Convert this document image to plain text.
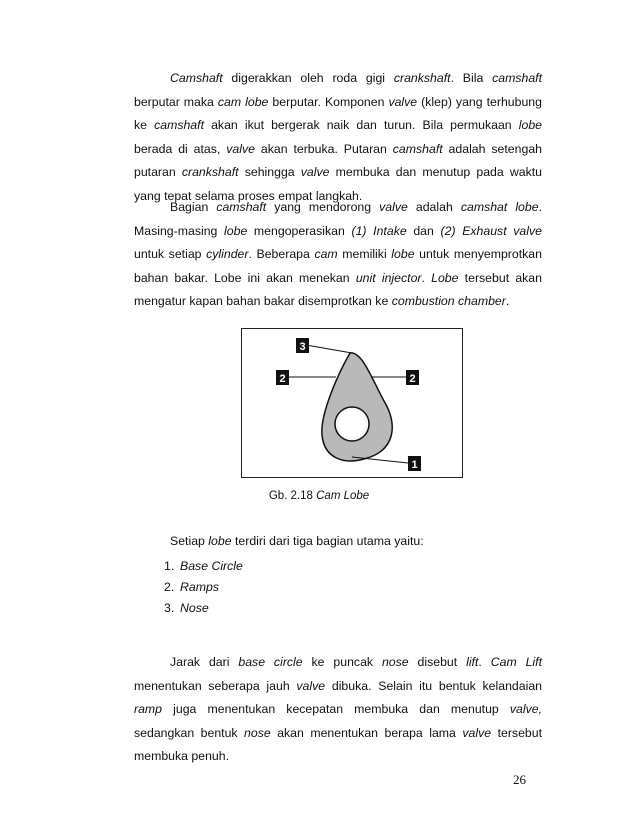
Camshaft digerakkan oleh roda gigi crankshaft. Bila camshaft berputar maka cam lobe berputar. Komponen valve (klep) yang terhubung ke camshaft akan ikut bergerak naik dan turun. Bila permukaan lobe berada di atas, valve akan terbuka. Putaran camshaft adalah setengah putaran crankshaft sehingga valve membuka dan menutup pada waktu yang tepat selama proses empat langkah.

Bagian camshaft yang mendorong valve adalah camshat lobe. Masing-masing lobe mengoperasikan (1) Intake dan (2) Exhaust valve untuk setiap cylinder. Beberapa cam memiliki lobe untuk menyemprotkan bahan bakar. Lobe ini akan menekan unit injector. Lobe tersebut akan mengatur kapan bahan bakar disemprotkan ke combustion chamber.

3
2	2
1
Gb. 2.18 Cam Lobe
Setiap lobe terdiri dari tiga bagian utama yaitu:
1. Base Circle
2. Ramps
3. Nose

Jarak dari base circle ke puncak nose disebut lift. Cam Lift menentukan seberapa jauh valve dibuka. Selain itu bentuk kelandaian ramp juga menentukan kecepatan membuka dan menutup valve, sedangkan bentuk nose akan menentukan berapa lama valve tersebut membuka penuh.

26
